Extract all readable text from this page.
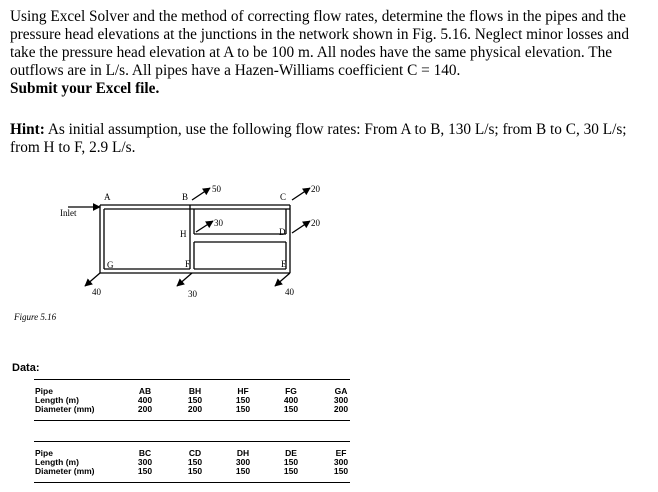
Using Excel Solver and the method of correcting flow rates, determine the flows in the pipes and the pressure head elevations at the junctions in the network shown in Fig. 5.16. Neglect minor losses and take the pressure head elevation at A to be 100 m. All nodes have the same physical elevation. The outflows are in L/s. All pipes have a Hazen-Williams coefficient C = 140.
Submit your Excel file.

Hint: As initial assumption, use the following flow rates: From A to B, 130 L/s; from B to C, 30 L/s; from H to F, 2.9 L/s.

A	B	C
D
E
F
G
H
Inlet
50	20
30	20
40	30	40
Figure 5.16
Data:
Pipe	AB	BH	HF	FG	GA
Length (m)	400	150	150	400	300
Diameter (mm)	200	200	150	150	200
Pipe	BC	CD	DH	DE	EF
Length (m)	300	150	300	150	300
Diameter (mm)	150	150	150	150	150
